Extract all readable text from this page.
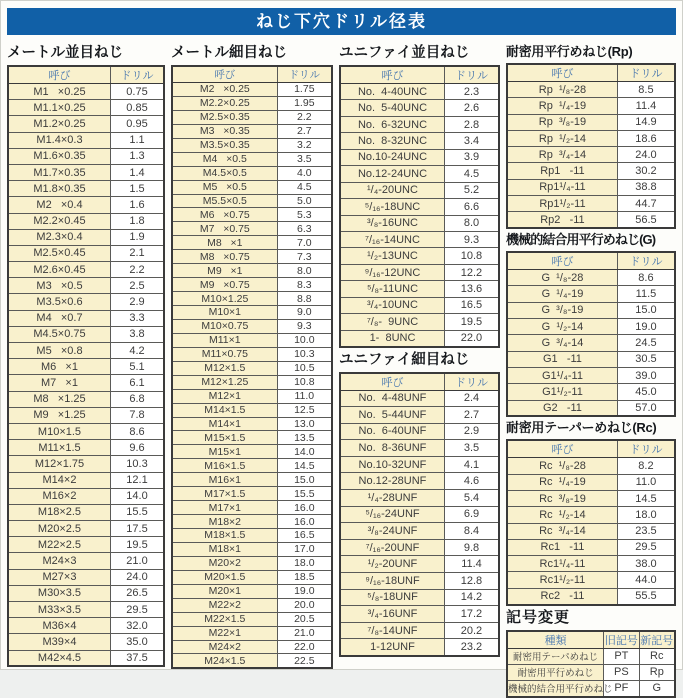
ねじ下穴ドリル径表
メートル並目ねじ
呼び	ドリル
M1   ×0.25	0.75
M1.1×0.25	0.85
M1.2×0.25	0.95
M1.4×0.3	1.1
M1.6×0.35	1.3
M1.7×0.35	1.4
M1.8×0.35	1.5
M2   ×0.4	1.6
M2.2×0.45	1.8
M2.3×0.4	1.9
M2.5×0.45	2.1
M2.6×0.45	2.2
M3   ×0.5	2.5
M3.5×0.6	2.9
M4   ×0.7	3.3
M4.5×0.75	3.8
M5   ×0.8	4.2
M6   ×1	5.1
M7   ×1	6.1
M8   ×1.25	6.8
M9   ×1.25	7.8
M10×1.5	8.6
M11×1.5	9.6
M12×1.75	10.3
M14×2	12.1
M16×2	14.0
M18×2.5	15.5
M20×2.5	17.5
M22×2.5	19.5
M24×3	21.0
M27×3	24.0
M30×3.5	26.5
M33×3.5	29.5
M36×4	32.0
M39×4	35.0
M42×4.5	37.5
メートル細目ねじ
呼び	ドリル
M2   ×0.25	1.75
M2.2×0.25	1.95
M2.5×0.35	2.2
M3   ×0.35	2.7
M3.5×0.35	3.2
M4   ×0.5	3.5
M4.5×0.5	4.0
M5   ×0.5	4.5
M5.5×0.5	5.0
M6   ×0.75	5.3
M7   ×0.75	6.3
M8   ×1	7.0
M8   ×0.75	7.3
M9   ×1	8.0
M9   ×0.75	8.3
M10×1.25	8.8
M10×1	9.0
M10×0.75	9.3
M11×1	10.0
M11×0.75	10.3
M12×1.5	10.5
M12×1.25	10.8
M12×1	11.0
M14×1.5	12.5
M14×1	13.0
M15×1.5	13.5
M15×1	14.0
M16×1.5	14.5
M16×1	15.0
M17×1.5	15.5
M17×1	16.0
M18×2	16.0
M18×1.5	16.5
M18×1	17.0
M20×2	18.0
M20×1.5	18.5
M20×1	19.0
M22×2	20.0
M22×1.5	20.5
M22×1	21.0
M24×2	22.0
M24×1.5	22.5
ユニファイ並目ねじ
呼び	ドリル
No.  4-40UNC	2.3
No.  5-40UNC	2.6
No.  6-32UNC	2.8
No.  8-32UNC	3.4
No.10-24UNC	3.9
No.12-24UNC	4.5
¹/₄-20UNC	5.2
⁵/₁₆-18UNC	6.6
³/₈-16UNC	8.0
⁷/₁₆-14UNC	9.3
¹/₂-13UNC	10.8
⁹/₁₆-12UNC	12.2
⁵/₈-11UNC	13.6
³/₄-10UNC	16.5
⁷/₈-  9UNC	19.5
1-  8UNC	22.0
ユニファイ細目ねじ
呼び	ドリル
No.  4-48UNF	2.4
No.  5-44UNF	2.7
No.  6-40UNF	2.9
No.  8-36UNF	3.5
No.10-32UNF	4.1
No.12-28UNF	4.6
¹/₄-28UNF	5.4
⁵/₁₆-24UNF	6.9
³/₈-24UNF	8.4
⁷/₁₆-20UNF	9.8
¹/₂-20UNF	11.4
⁹/₁₆-18UNF	12.8
⁵/₈-18UNF	14.2
³/₄-16UNF	17.2
⁷/₈-14UNF	20.2
1-12UNF	23.2
耐密用平行めねじ(Rp)
呼び	ドリル
Rp  ¹/₈-28	8.5
Rp  ¹/₄-19	11.4
Rp  ³/₈-19	14.9
Rp  ¹/₂-14	18.6
Rp  ³/₄-14	24.0
Rp1   -11	30.2
Rp1¹/₄-11	38.8
Rp1¹/₂-11	44.7
Rp2   -11	56.5
機械的結合用平行めねじ(G)
呼び	ドリル
G  ¹/₈-28	8.6
G  ¹/₄-19	11.5
G  ³/₈-19	15.0
G  ¹/₂-14	19.0
G  ³/₄-14	24.5
G1   -11	30.5
G1¹/₄-11	39.0
G1¹/₂-11	45.0
G2   -11	57.0
耐密用テーパーめねじ(Rc)
呼び	ドリル
Rc  ¹/₈-28	8.2
Rc  ¹/₄-19	11.0
Rc  ³/₈-19	14.5
Rc  ¹/₂-14	18.0
Rc  ³/₄-14	23.5
Rc1   -11	29.5
Rc1¹/₄-11	38.0
Rc1¹/₂-11	44.0
Rc2   -11	55.5
記号変更
種類	旧記号	新記号
耐密用テーパめねじ	PT	Rc
耐密用平行めねじ	PS	Rp
機械的結合用平行めねじ	PF	G
